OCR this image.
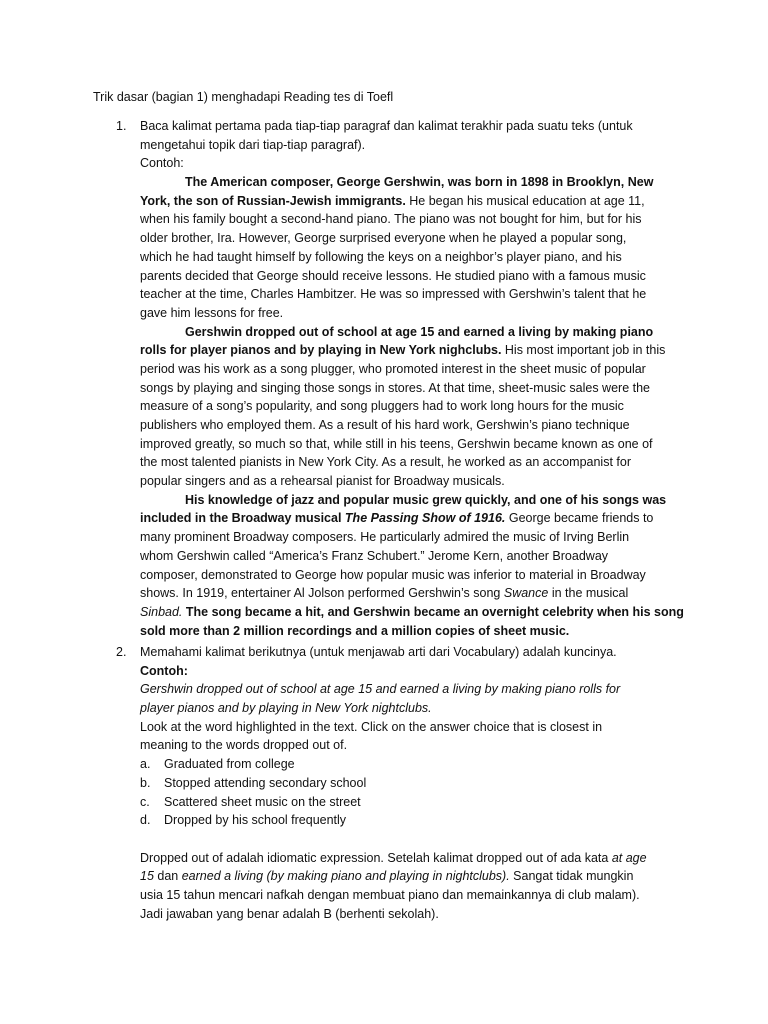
Trik dasar (bagian 1) menghadapi Reading tes di Toefl
1. Baca kalimat pertama pada tiap-tiap paragraf dan kalimat terakhir pada suatu teks (untuk
mengetahui topik dari tiap-tiap paragraf).
Contoh:
The American composer, George Gershwin, was born in 1898 in Brooklyn, New
York, the son of Russian-Jewish immigrants. He began his musical education at age 11,
when his family bought a second-hand piano. The piano was not bought for him, but for his
older brother, Ira. However, George surprised everyone when he played a popular song,
which he had taught himself by following the keys on a neighbor’s player piano, and his
parents decided that George should receive lessons. He studied piano with a famous music
teacher at the time, Charles Hambitzer. He was so impressed with Gershwin’s talent that he
gave him lessons for free.
Gershwin dropped out of school at age 15 and earned a living by making piano
rolls for player pianos and by playing in New York nighclubs. His most important job in this
period was his work as a song plugger, who promoted interest in the sheet music of popular
songs by playing and singing those songs in stores. At that time, sheet-music sales were the
measure of a song’s popularity, and song pluggers had to work long hours for the music
publishers who employed them. As a result of his hard work, Gershwin’s piano technique
improved greatly, so much so that, while still in his teens, Gershwin became known as one of
the most talented pianists in New York City. As a result, he worked as an accompanist for
popular singers and as a rehearsal pianist for Broadway musicals.
His knowledge of jazz and popular music grew quickly, and one of his songs was
included in the Broadway musical The Passing Show of 1916. George became friends to
many prominent Broadway composers. He particularly admired the music of Irving Berlin
whom Gershwin called “America’s Franz Schubert.” Jerome Kern, another Broadway
composer, demonstrated to George how popular music was inferior to material in Broadway
shows. In 1919, entertainer Al Jolson performed Gershwin’s song Swance in the musical
Sinbad. The song became a hit, and Gershwin became an overnight celebrity when his song
sold more than 2 million recordings and a million copies of sheet music.
2. Memahami kalimat berikutnya (untuk menjawab arti dari Vocabulary) adalah kuncinya.
Contoh:
Gershwin dropped out of school at age 15 and earned a living by making piano rolls for
player pianos and by playing in New York nightclubs.
Look at the word highlighted in the text. Click on the answer choice that is closest in
meaning to the words dropped out of.
a. Graduated from college
b. Stopped attending secondary school
c. Scattered sheet music on the street
d. Dropped by his school frequently
Dropped out of adalah idiomatic expression. Setelah kalimat dropped out of ada kata at age
15 dan earned a living (by making piano and playing in nightclubs). Sangat tidak mungkin
usia 15 tahun mencari nafkah dengan membuat piano dan memainkannya di club malam).
Jadi jawaban yang benar adalah B (berhenti sekolah).
